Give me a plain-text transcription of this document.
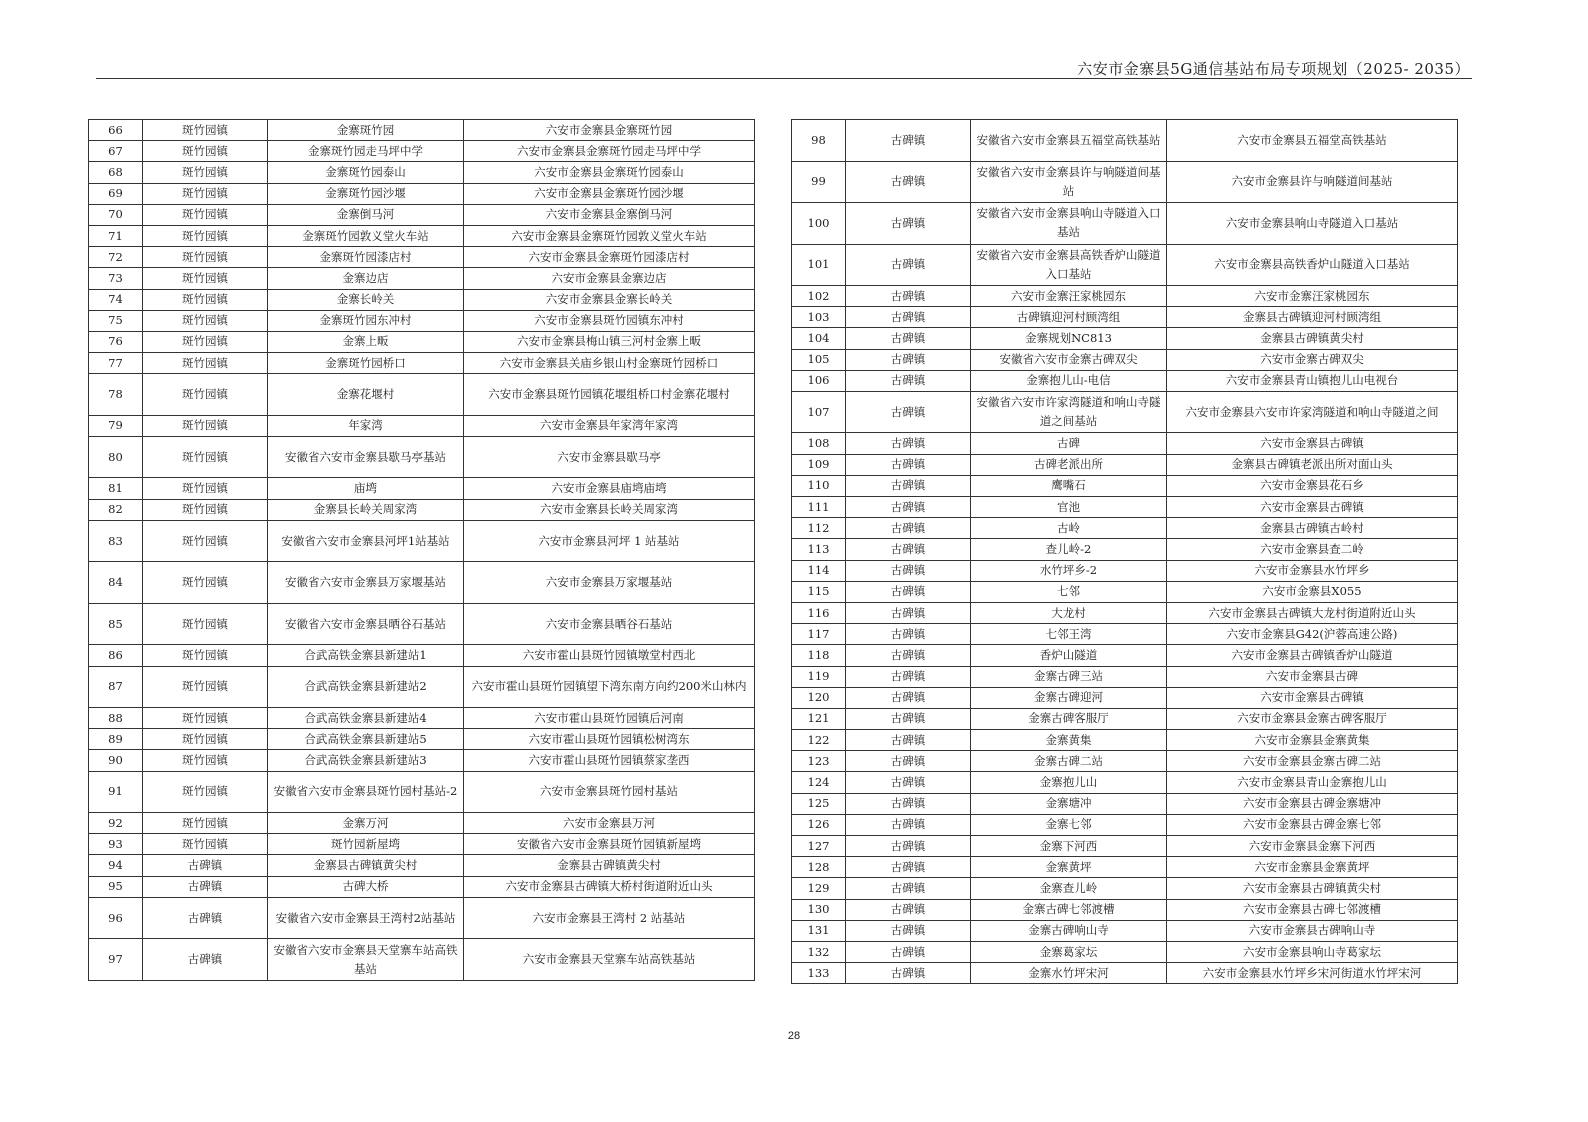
六安市金寨县5G通信基站布局专项规划（2025- 2035）
66	斑竹园镇	金寨斑竹园	六安市金寨县金寨斑竹园
67	斑竹园镇	金寨斑竹园走马坪中学	六安市金寨县金寨斑竹园走马坪中学
68	斑竹园镇	金寨斑竹园泰山	六安市金寨县金寨斑竹园泰山
69	斑竹园镇	金寨斑竹园沙堰	六安市金寨县金寨斑竹园沙堰
70	斑竹园镇	金寨倒马河	六安市金寨县金寨倒马河
71	斑竹园镇	金寨斑竹园敦义堂火车站	六安市金寨县金寨斑竹园敦义堂火车站
72	斑竹园镇	金寨斑竹园漆店村	六安市金寨县金寨斑竹园漆店村
73	斑竹园镇	金寨边店	六安市金寨县金寨边店
74	斑竹园镇	金寨长岭关	六安市金寨县金寨长岭关
75	斑竹园镇	金寨斑竹园东冲村	六安市金寨县斑竹园镇东冲村
76	斑竹园镇	金寨上畈	六安市金寨县梅山镇三河村金寨上畈
77	斑竹园镇	金寨斑竹园桥口	六安市金寨县关庙乡银山村金寨斑竹园桥口
78	斑竹园镇	金寨花堰村	六安市金寨县斑竹园镇花堰组桥口村金寨花堰村
79	斑竹园镇	年家湾	六安市金寨县年家湾年家湾
80	斑竹园镇	安徽省六安市金寨县歇马亭基站	六安市金寨县歇马亭
81	斑竹园镇	庙塆	六安市金寨县庙塆庙塆
82	斑竹园镇	金寨县长岭关周家湾	六安市金寨县长岭关周家湾
83	斑竹园镇	安徽省六安市金寨县河坪1站基站	六安市金寨县河坪 1 站基站
84	斑竹园镇	安徽省六安市金寨县万家堰基站	六安市金寨县万家堰基站
85	斑竹园镇	安徽省六安市金寨县晒谷石基站	六安市金寨县晒谷石基站
86	斑竹园镇	合武高铁金寨县新建站1	六安市霍山县斑竹园镇墩堂村西北
87	斑竹园镇	合武高铁金寨县新建站2	六安市霍山县斑竹园镇望下湾东南方向约200米山林内
88	斑竹园镇	合武高铁金寨县新建站4	六安市霍山县斑竹园镇后河南
89	斑竹园镇	合武高铁金寨县新建站5	六安市霍山县斑竹园镇松树湾东
90	斑竹园镇	合武高铁金寨县新建站3	六安市霍山县斑竹园镇蔡家垄西
91	斑竹园镇	安徽省六安市金寨县斑竹园村基站-2	六安市金寨县斑竹园村基站
92	斑竹园镇	金寨万河	六安市金寨县万河
93	斑竹园镇	斑竹园新屋塆	安徽省六安市金寨县斑竹园镇新屋塆
94	古碑镇	金寨县古碑镇黄尖村	金寨县古碑镇黄尖村
95	古碑镇	古碑大桥	六安市金寨县古碑镇大桥村街道附近山头
96	古碑镇	安徽省六安市金寨县王湾村2站基站	六安市金寨县王湾村 2 站基站
97	古碑镇	安徽省六安市金寨县天堂寨车站高铁基站	六安市金寨县天堂寨车站高铁基站
98	古碑镇	安徽省六安市金寨县五福堂高铁基站	六安市金寨县五福堂高铁基站
99	古碑镇	安徽省六安市金寨县许与响隧道间基站	六安市金寨县许与响隧道间基站
100	古碑镇	安徽省六安市金寨县响山寺隧道入口基站	六安市金寨县响山寺隧道入口基站
101	古碑镇	安徽省六安市金寨县高铁香炉山隧道入口基站	六安市金寨县高铁香炉山隧道入口基站
102	古碑镇	六安市金寨汪家桃园东	六安市金寨汪家桃园东
103	古碑镇	古碑镇迎河村顾湾组	金寨县古碑镇迎河村顾湾组
104	古碑镇	金寨规划NC813	金寨县古碑镇黄尖村
105	古碑镇	安徽省六安市金寨古碑双尖	六安市金寨古碑双尖
106	古碑镇	金寨抱儿山-电信	六安市金寨县青山镇抱儿山电视台
107	古碑镇	安徽省六安市许家湾隧道和响山寺隧道之间基站	六安市金寨县六安市许家湾隧道和响山寺隧道之间
108	古碑镇	古碑	六安市金寨县古碑镇
109	古碑镇	古碑老派出所	金寨县古碑镇老派出所对面山头
110	古碑镇	鹰嘴石	六安市金寨县花石乡
111	古碑镇	官池	六安市金寨县古碑镇
112	古碑镇	古岭	金寨县古碑镇古岭村
113	古碑镇	查儿岭-2	六安市金寨县查二岭
114	古碑镇	水竹坪乡-2	六安市金寨县水竹坪乡
115	古碑镇	七邻	六安市金寨县X055
116	古碑镇	大龙村	六安市金寨县古碑镇大龙村街道附近山头
117	古碑镇	七邻王湾	六安市金寨县G42(沪蓉高速公路)
118	古碑镇	香炉山隧道	六安市金寨县古碑镇香炉山隧道
119	古碑镇	金寨古碑三站	六安市金寨县古碑
120	古碑镇	金寨古碑迎河	六安市金寨县古碑镇
121	古碑镇	金寨古碑客服厅	六安市金寨县金寨古碑客服厅
122	古碑镇	金寨黄集	六安市金寨县金寨黄集
123	古碑镇	金寨古碑二站	六安市金寨县金寨古碑二站
124	古碑镇	金寨抱儿山	六安市金寨县青山金寨抱儿山
125	古碑镇	金寨塘冲	六安市金寨县古碑金寨塘冲
126	古碑镇	金寨七邻	六安市金寨县古碑金寨七邻
127	古碑镇	金寨下河西	六安市金寨县金寨下河西
128	古碑镇	金寨黄坪	六安市金寨县金寨黄坪
129	古碑镇	金寨查儿岭	六安市金寨县古碑镇黄尖村
130	古碑镇	金寨古碑七邻渡槽	六安市金寨县古碑七邻渡槽
131	古碑镇	金寨古碑响山寺	六安市金寨县古碑响山寺
132	古碑镇	金寨葛家坛	六安市金寨县响山寺葛家坛
133	古碑镇	金寨水竹坪宋河	六安市金寨县水竹坪乡宋河街道水竹坪宋河
28
